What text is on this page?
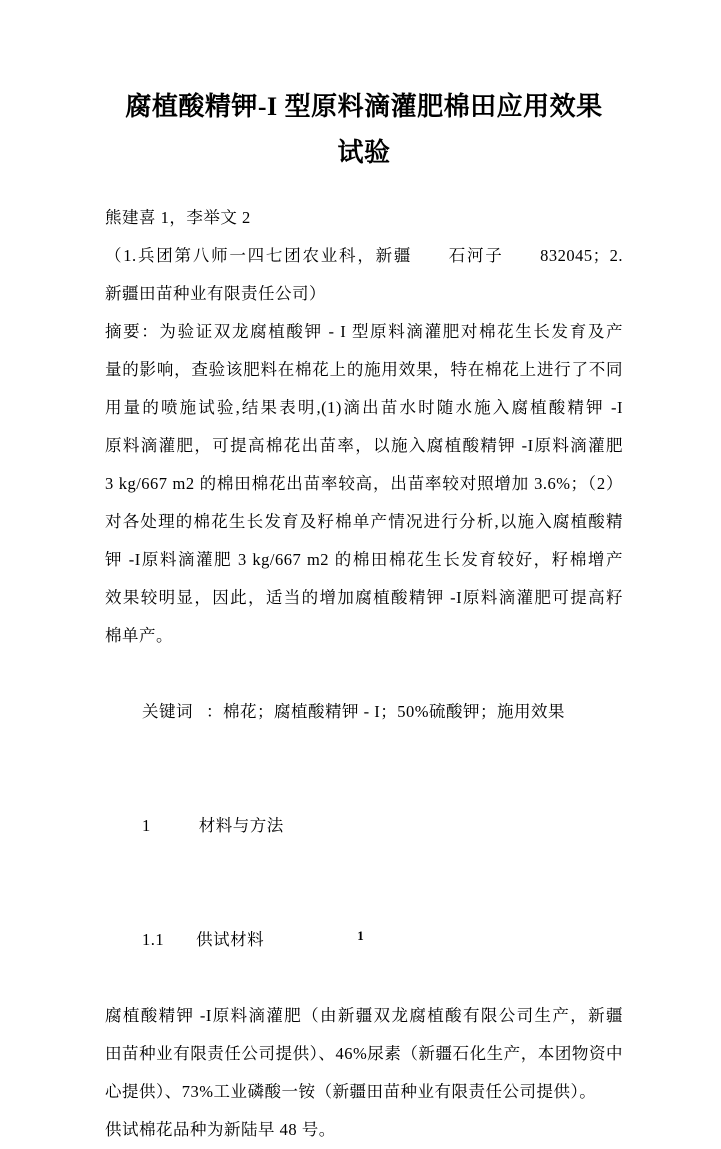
腐植酸精钾-I 型原料滴灌肥棉田应用效果
试验
熊建喜 1，李举文 2
（1.兵团第八师一四七团农业科，新疆　　石河子　　832045；2.
新疆田苗种业有限责任公司）
摘要：为验证双龙腐植酸钾 - I 型原料滴灌肥对棉花生长发育及产
量的影响，查验该肥料在棉花上的施用效果，特在棉花上进行了不同
用量的喷施试验,结果表明,(1)滴出苗水时随水施入腐植酸精钾 -I
原料滴灌肥，可提高棉花出苗率，以施入腐植酸精钾 -I原料滴灌肥
3 kg/667 m2 的棉田棉花出苗率较高，出苗率较对照增加 3.6%；（2）
对各处理的棉花生长发育及籽棉单产情况进行分析,以施入腐植酸精
钾 -I原料滴灌肥 3 kg/667 m2 的棉田棉花生长发育较好，籽棉增产
效果较明显，因此，适当的增加腐植酸精钾 -I原料滴灌肥可提高籽
棉单产。

关键词 ：棉花；腐植酸精钾 - I；50%硫酸钾；施用效果

1	材料与方法

1.1 供试材料

腐植酸精钾 -I原料滴灌肥（由新疆双龙腐植酸有限公司生产，新疆
田苗种业有限责任公司提供）、46%尿素（新疆石化生产，本团物资中
心提供）、73%工业磷酸一铵（新疆田苗种业有限责任公司提供）。
供试棉花品种为新陆早 48 号。
1
